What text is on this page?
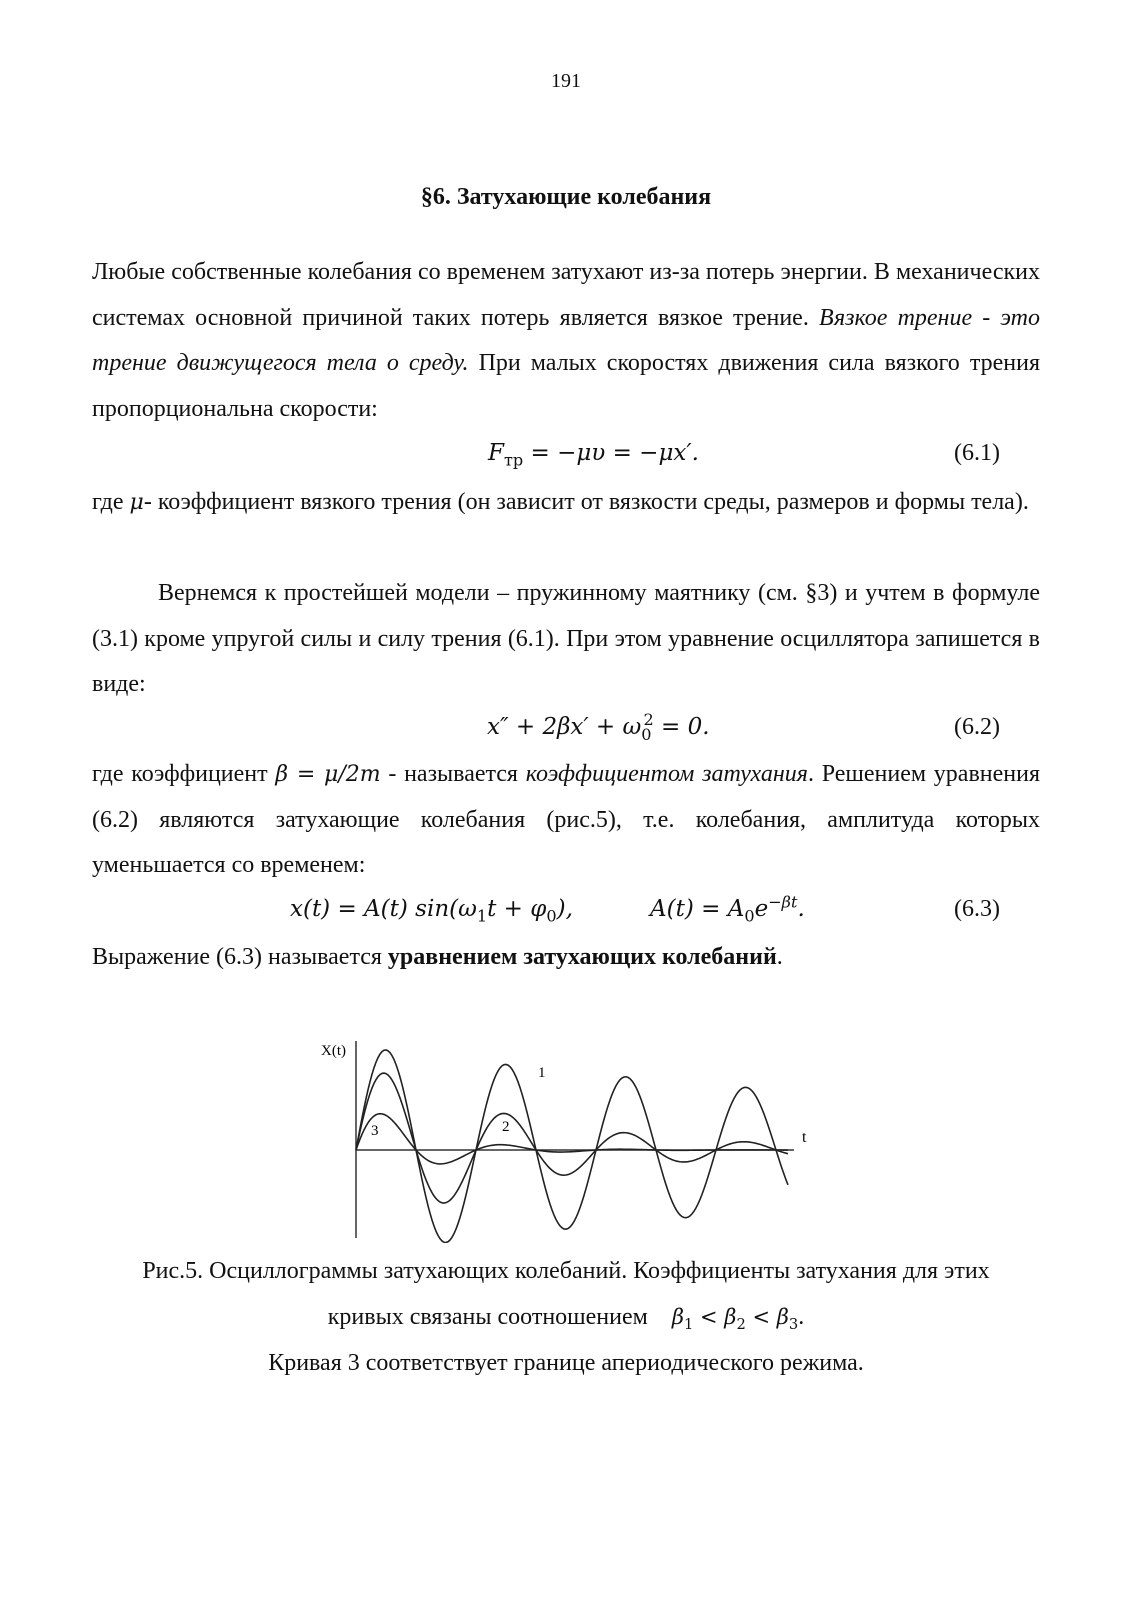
191
§6. Затухающие колебания

Любые собственные колебания со временем затухают из-за потерь энергии. В механических системах основной причиной таких потерь является вязкое трение. Вязкое трение - это трение движущегося тела о среду. При малых скоростях движения сила вязкого трения пропорциональна скорости:

$F_{тр} = -\mu\upsilon = -\mu x'$.	(6.1)

где μ- коэффициент вязкого трения (он зависит от вязкости среды, размеров и формы тела).

Вернемся к простейшей модели – пружинному маятнику (см. §3) и учтем в формуле (3.1) кроме упругой силы и силу трения (6.1). При этом уравнение осциллятора запишется в виде:

$x'' + 2\beta x' + \omega_0^2 = 0$.	(6.2)

где коэффициент β = μ/2m - называется коэффициентом затухания. Решением уравнения (6.2) являются затухающие колебания (рис.5), т.е. колебания, амплитуда которых уменьшается со временем:

x(t) = A(t) $\sin(\omega_1t + \varphi_0)$,	$A(t) = A_0e^{-\beta t}$.	(6.3)

Выражение (6.3) называется уравнением затухающих колебаний.

X(t)
t
1
2
3
Рис.5. Осциллограммы затухающих колебаний. Коэффициенты затухания для этих
кривых связаны соотношением $\beta_1 < \beta_2 < \beta_3$.
Кривая 3 соответствует границе апериодического режима.
